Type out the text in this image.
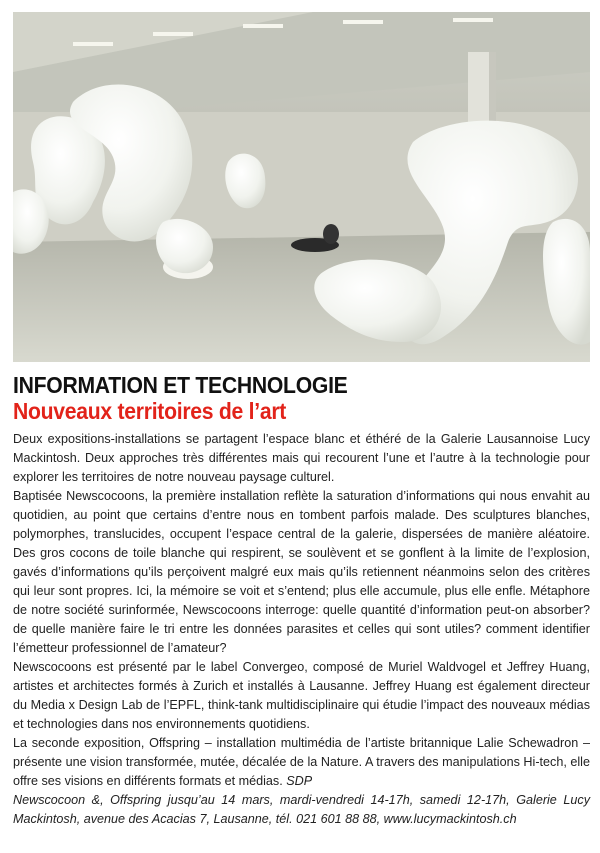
INFORMATION ET TECHNOLOGIE
Nouveaux territoires de l’art

Deux expositions-installations se partagent l’espace blanc et éthéré de la Galerie Lausannoise Lucy Mackintosh. Deux approches très différentes mais qui recourent l’une et l’autre à la technologie pour explorer les territoires de notre nouveau paysage culturel.

Baptisée Newscocoons, la première installation reflète la saturation d’informations qui nous envahit au quotidien, au point que certains d’entre nous en tombent parfois malade. Des sculptures blanches, polymorphes, translucides, occupent l’espace central de la galerie, dispersées de manière aléatoire. Des gros cocons de toile blanche qui respirent, se soulèvent et se gonflent à la limite de l’explosion, gavés d’informations qu’ils perçoivent malgré eux mais qu’ils retiennent néanmoins selon des critères qui leur sont propres. Ici, la mémoire se voit et s’entend; plus elle accumule, plus elle enfle. Métaphore de notre société surinformée, Newscocoons interroge: quelle quantité d’information peut-on absorber? de quelle manière faire le tri entre les données parasites et celles qui sont utiles? comment identifier l’émetteur professionnel de l’amateur?

Newscocoons est présenté par le label Convergeo, composé de Muriel Waldvogel et Jeffrey Huang, artistes et architectes formés à Zurich et installés à Lausanne. Jeffrey Huang est également directeur du Media x Design Lab de l’EPFL, think-tank multidisciplinaire qui étudie l’impact des nouveaux médias et technologies dans nos environnements quotidiens.

La seconde exposition, Offspring – installation multimédia de l’artiste britannique Lalie Schewadron – présente une vision transformée, mutée, décalée de la Nature. A travers des manipulations Hi-tech, elle offre ses visions en différents formats et médias. SDP
Newscocoon &, Offspring jusqu’au 14 mars, mardi-vendredi 14-17h, samedi 12-17h, Galerie Lucy Mackintosh, avenue des Acacias 7, Lausanne, tél. 021 601 88 88, www.lucymackintosh.ch
